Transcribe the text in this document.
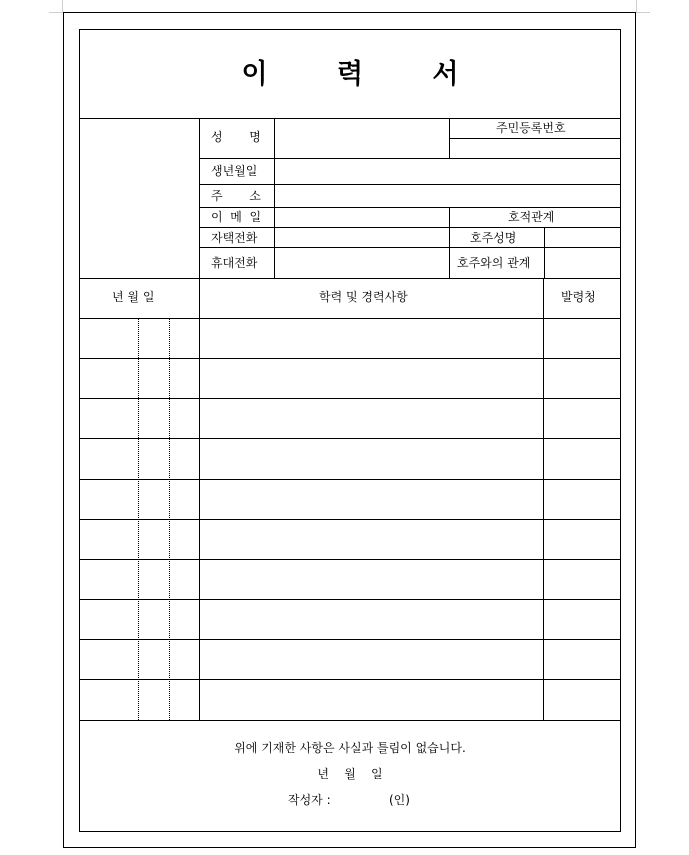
이 력 서
성       명
주민등록번호
생년월일
주       소
이  메  일	호적관계
자택전화	호주성명
휴대전화	호주와의 관계
년 월 일	학력 및 경력사항	발령청
위에 기재한 사항은 사실과 틀림이 없습니다.
년    월    일
작성자 :	(인)
